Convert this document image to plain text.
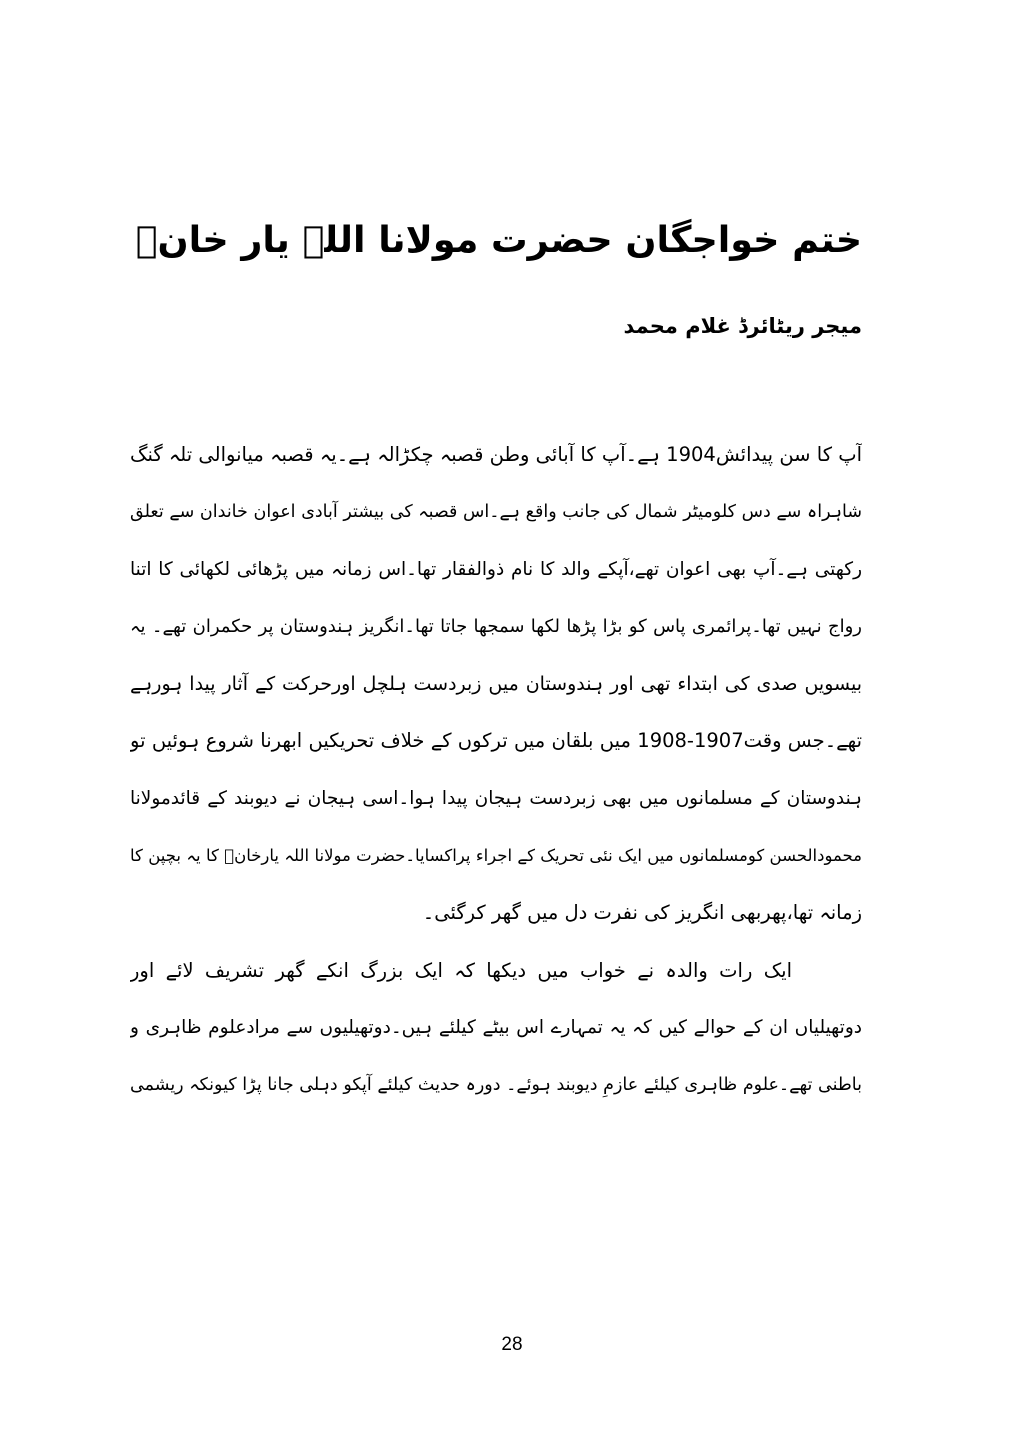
ختم خواجگان حضرت مولانا اللہ یار خانؒ
میجر ریٹائرڈ غلام محمد
آپ کا سن پیدائش1904 ہے۔آپ کا آبائی وطن قصبہ چکڑالہ ہے۔یہ قصبہ میانوالی تلہ گنگ
شاہراہ سے دس کلومیٹر شمال کی جانب واقع ہے۔اس قصبہ کی بیشتر آبادی اعوان خاندان سے تعلق
رکھتی ہے۔آپ بھی اعوان تھے،آپکے والد کا نام ذوالفقار تھا۔اس زمانہ میں پڑھائی لکھائی کا اتنا
رواج نہیں تھا۔پرائمری پاس کو بڑا پڑھا لکھا سمجھا جاتا تھا۔انگریز ہندوستان پر حکمران تھے۔ یہ
بیسویں صدی کی ابتداء تھی اور ہندوستان میں زبردست ہلچل اورحرکت کے آثار پیدا ہورہے
تھے۔جس وقت1907-1908 میں بلقان میں ترکوں کے خلاف تحریکیں ابھرنا شروع ہوئیں تو
ہندوستان کے مسلمانوں میں بھی زبردست ہیجان پیدا ہوا۔اسی ہیجان نے دیوبند کے قائدمولانا
محمودالحسن کومسلمانوں میں ایک نئی تحریک کے اجراء پراکسایا۔حضرت مولانا اللہ یارخانؒ کا یہ بچپن کا
زمانہ تھا،پھربھی انگریز کی نفرت دل میں گھر کرگئی۔
ایک رات والدہ نے خواب میں دیکھا کہ ایک بزرگ انکے گھر تشریف لائے اور
دوتھیلیاں ان کے حوالے کیں کہ یہ تمہارے اس بیٹے کیلئے ہیں۔دوتھیلیوں سے مرادعلوم ظاہری و
باطنی تھے۔علوم ظاہری کیلئے عازمِ دیوبند ہوئے۔ دورہ حدیث کیلئے آپکو دہلی جانا پڑا کیونکہ ریشمی
28
